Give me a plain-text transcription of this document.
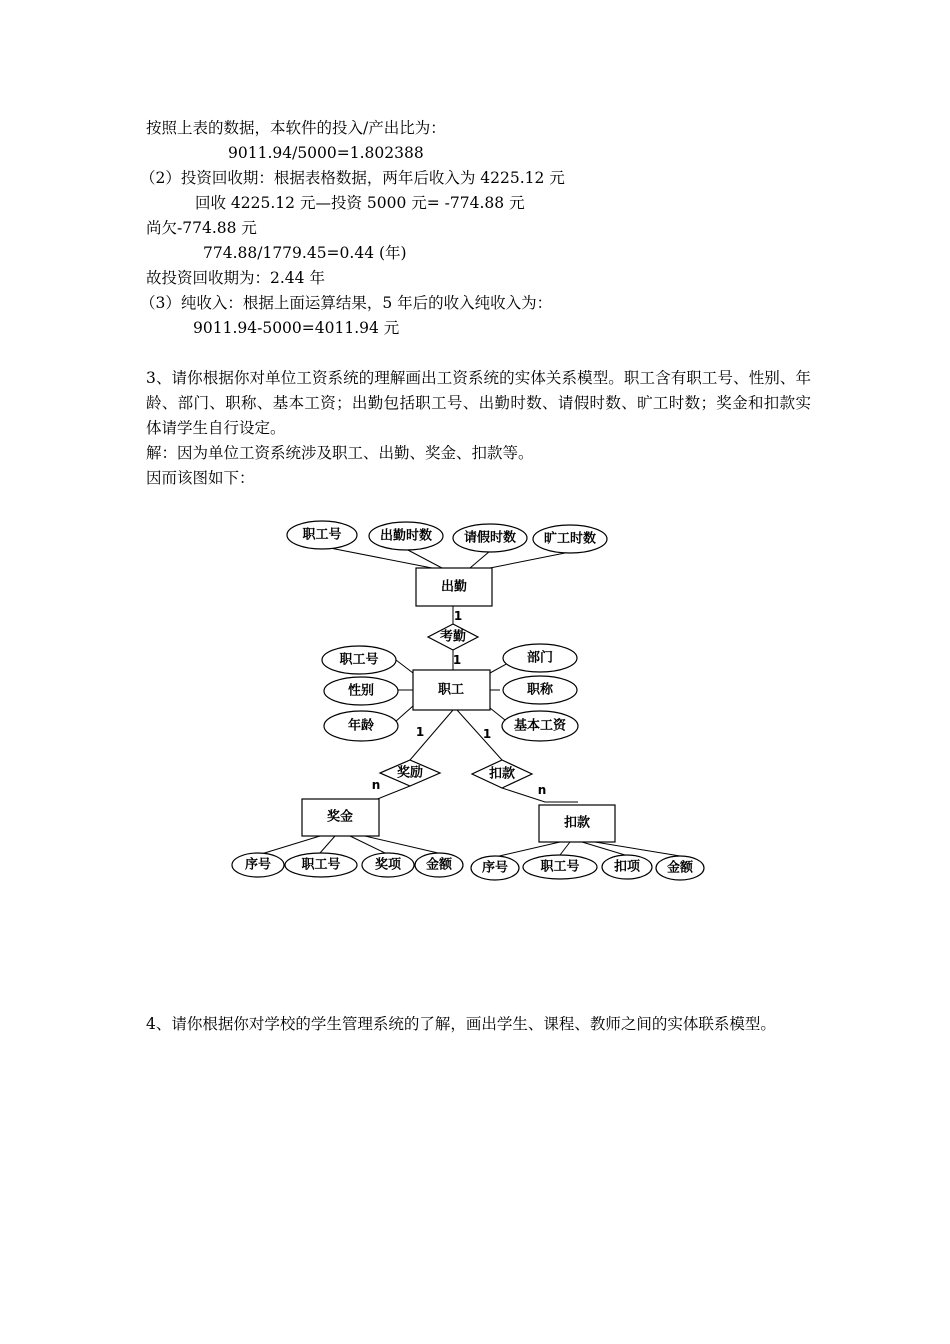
按照上表的数据，本软件的投入/产出比为：
9011.94/5000=1.802388
（2）投资回收期：根据表格数据，两年后收入为 4225.12 元
回收 4225.12 元—投资 5000 元= -774.88 元
尚欠-774.88 元
774.88/1779.45=0.44 (年)
故投资回收期为：2.44 年
（3）纯收入：根据上面运算结果，5 年后的收入纯收入为：
9011.94-5000=4011.94 元
3、请你根据你对单位工资系统的理解画出工资系统的实体关系模型。职工含有职工号、性别、年龄、部门、职称、基本工资；出勤包括职工号、出勤时数、请假时数、旷工时数；奖金和扣款实体请学生自行设定。
解：因为单位工资系统涉及职工、出勤、奖金、扣款等。
因而该图如下：
职工号	出勤时数 请假时数 旷工时数
出勤
1
考勤
1
职工
职工号
性别
年龄
部门
职称
基本工资
1	1
奖励
n
扣款
n
奖金	扣款
序号 职工号	奖项 金额 序号 职工号	扣项 金额
4、请你根据你对学校的学生管理系统的了解，画出学生、课程、教师之间的实体联系模型。
